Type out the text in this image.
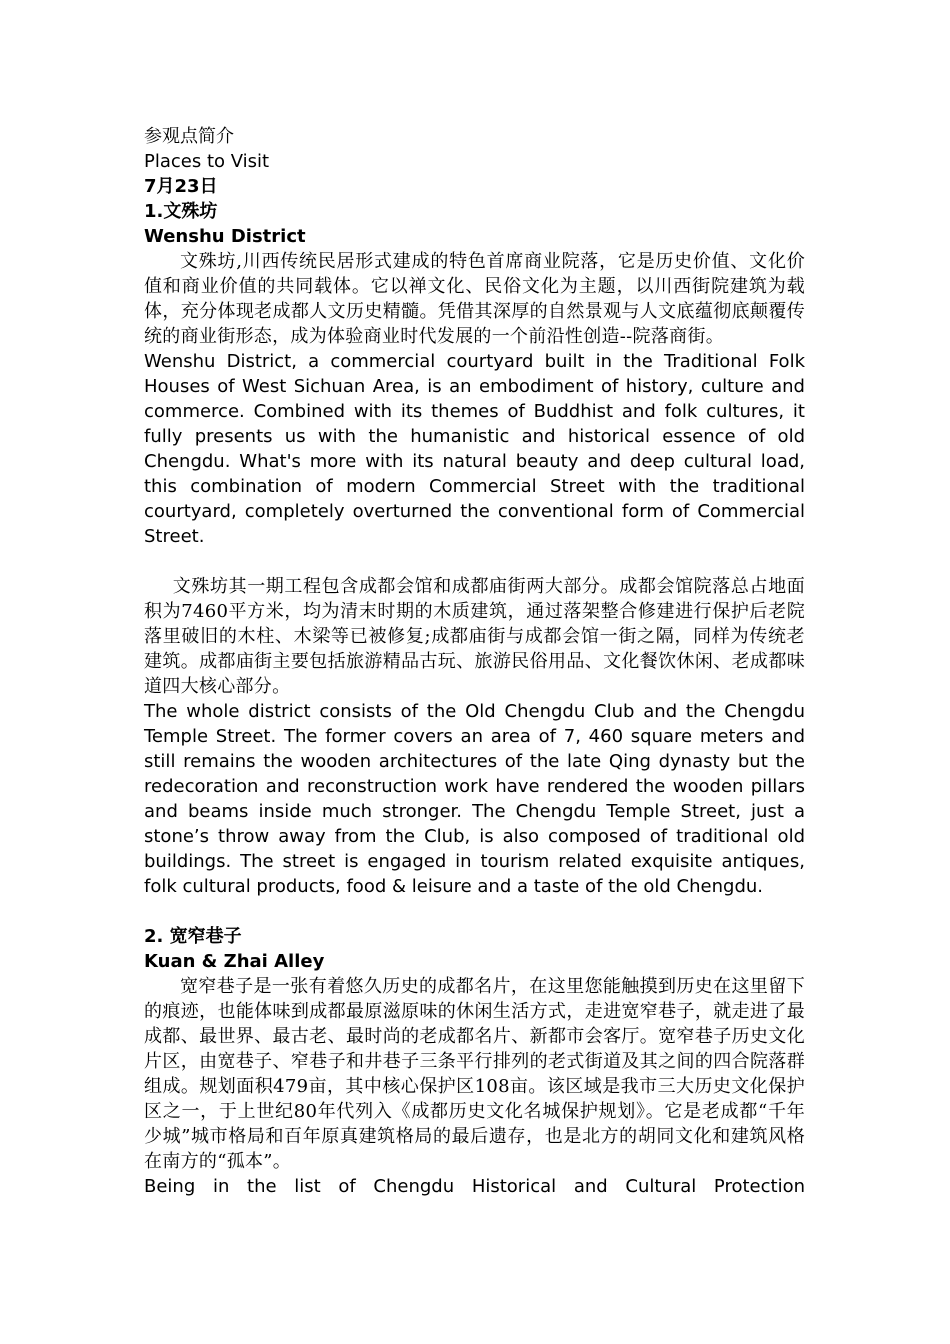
参观点简介

Places to Visit

7月23日

1.文殊坊

Wenshu District

文殊坊,川西传统民居形式建成的特色首席商业院落，它是历史价值、文化价值和商业价值的共同载体。它以禅文化、民俗文化为主题，以川西街院建筑为载体，充分体现老成都人文历史精髓。凭借其深厚的自然景观与人文底蕴彻底颠覆传统的商业街形态，成为体验商业时代发展的一个前沿性创造--院落商街。

Wenshu District, a commercial courtyard built in the Traditional Folk Houses of West Sichuan Area, is an embodiment of history, culture and commerce. Combined with its themes of Buddhist and folk cultures, it fully presents us with the humanistic and historical essence of old Chengdu. What's more with its natural beauty and deep cultural load, this combination of modern Commercial Street with the traditional courtyard, completely overturned the conventional form of Commercial Street.

文殊坊其一期工程包含成都会馆和成都庙街两大部分。成都会馆院落总占地面积为7460平方米，均为清末时期的木质建筑，通过落架整合修建进行保护后老院落里破旧的木柱、木梁等已被修复;成都庙街与成都会馆一街之隔，同样为传统老建筑。成都庙街主要包括旅游精品古玩、旅游民俗用品、文化餐饮休闲、老成都味道四大核心部分。

The whole district consists of the Old Chengdu Club and the Chengdu Temple Street. The former covers an area of 7, 460 square meters and still remains the wooden architectures of the late Qing dynasty but the redecoration and reconstruction work have rendered the wooden pillars and beams inside much stronger. The Chengdu Temple Street, just a stone’s throw away from the Club, is also composed of traditional old buildings. The street is engaged in tourism related exquisite antiques, folk cultural products, food & leisure and a taste of the old Chengdu.

2. 宽窄巷子

Kuan & Zhai Alley

宽窄巷子是一张有着悠久历史的成都名片，在这里您能触摸到历史在这里留下的痕迹，也能体味到成都最原滋原味的休闲生活方式，走进宽窄巷子，就走进了最成都、最世界、最古老、最时尚的老成都名片、新都市会客厅。宽窄巷子历史文化片区，由宽巷子、窄巷子和井巷子三条平行排列的老式街道及其之间的四合院落群组成。规划面积479亩，其中核心保护区108亩。该区域是我市三大历史文化保护区之一，于上世纪80年代列入《成都历史文化名城保护规划》。它是老成都“千年少城”城市格局和百年原真建筑格局的最后遗存，也是北方的胡同文化和建筑风格在南方的“孤本”。

Being in the list of Chengdu Historical and Cultural Protection
